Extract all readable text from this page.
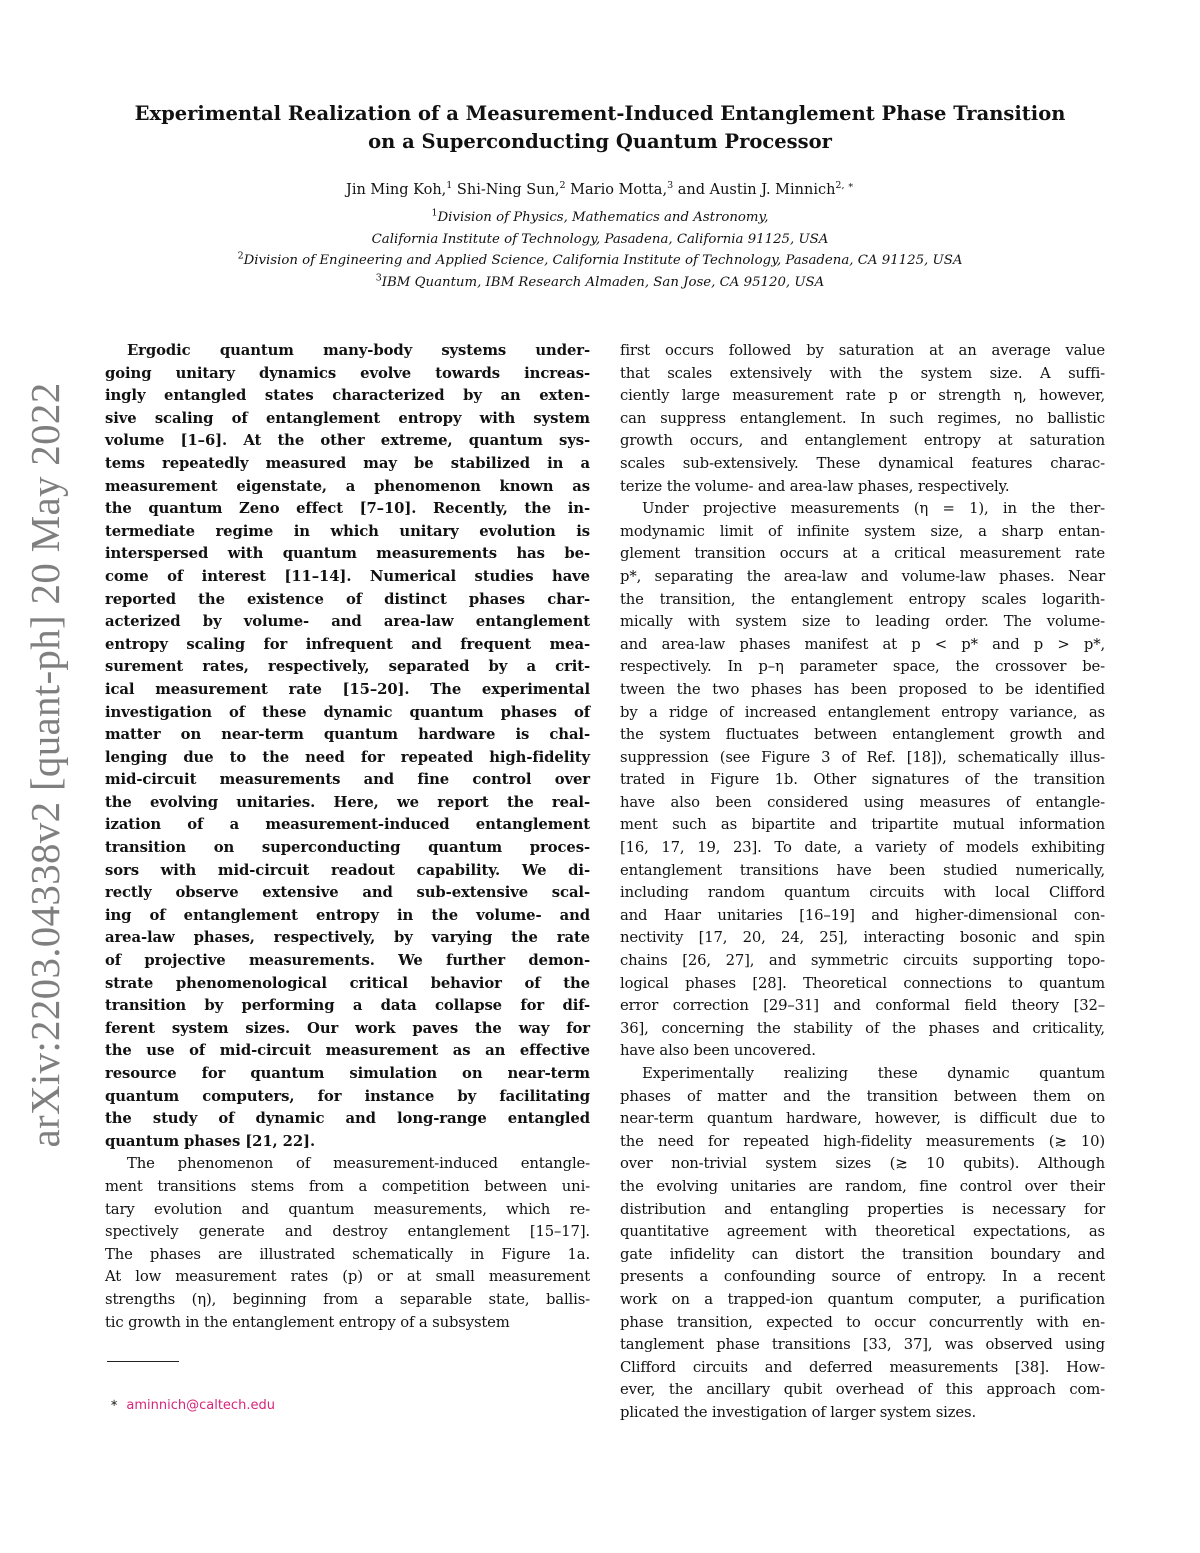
arXiv:2203.04338v2 [quant-ph] 20 May 2022
Experimental Realization of a Measurement-Induced Entanglement Phase Transition
on a Superconducting Quantum Processor
Jin Ming Koh,$^1$ Shi-Ning Sun,$^2$ Mario Motta,$^3$ and Austin J. Minnich$^{2, ∗}$
$^1$Division of Physics, Mathematics and Astronomy,
California Institute of Technology, Pasadena, California 91125, USA
$^2$Division of Engineering and Applied Science, California Institute of Technology, Pasadena, CA 91125, USA
$^3$IBM Quantum, IBM Research Almaden, San Jose, CA 95120, USA
Ergodic quantum many-body systems under-
going unitary dynamics evolve towards increas-
ingly entangled states characterized by an exten-
sive scaling of entanglement entropy with system
volume [1–6]. At the other extreme, quantum sys-
tems repeatedly measured may be stabilized in a
measurement eigenstate, a phenomenon known as
the quantum Zeno effect [7–10]. Recently, the in-
termediate regime in which unitary evolution is
interspersed with quantum measurements has be-
come of interest [11–14]. Numerical studies have
reported the existence of distinct phases char-
acterized by volume- and area-law entanglement
entropy scaling for infrequent and frequent mea-
surement rates, respectively, separated by a crit-
ical measurement rate [15–20]. The experimental
investigation of these dynamic quantum phases of
matter on near-term quantum hardware is chal-
lenging due to the need for repeated high-fidelity
mid-circuit measurements and fine control over
the evolving unitaries. Here, we report the real-
ization of a measurement-induced entanglement
transition on superconducting quantum proces-
sors with mid-circuit readout capability. We di-
rectly observe extensive and sub-extensive scal-
ing of entanglement entropy in the volume- and
area-law phases, respectively, by varying the rate
of projective measurements. We further demon-
strate phenomenological critical behavior of the
transition by performing a data collapse for dif-
ferent system sizes. Our work paves the way for
the use of mid-circuit measurement as an effective
resource for quantum simulation on near-term
quantum computers, for instance by facilitating
the study of dynamic and long-range entangled
quantum phases [21, 22].
The phenomenon of measurement-induced entangle-
ment transitions stems from a competition between uni-
tary evolution and quantum measurements, which re-
spectively generate and destroy entanglement [15–17].
The phases are illustrated schematically in Figure 1a.
At low measurement rates (p) or at small measurement
strengths (η), beginning from a separable state, ballis-
tic growth in the entanglement entropy of a subsystem
first occurs followed by saturation at an average value
that scales extensively with the system size. A suffi-
ciently large measurement rate p or strength η, however,
can suppress entanglement. In such regimes, no ballistic
growth occurs, and entanglement entropy at saturation
scales sub-extensively. These dynamical features charac-
terize the volume- and area-law phases, respectively.
Under projective measurements (η = 1), in the ther-
modynamic limit of infinite system size, a sharp entan-
glement transition occurs at a critical measurement rate
p*, separating the area-law and volume-law phases. Near
the transition, the entanglement entropy scales logarith-
mically with system size to leading order. The volume-
and area-law phases manifest at p < p* and p > p*,
respectively. In p–η parameter space, the crossover be-
tween the two phases has been proposed to be identified
by a ridge of increased entanglement entropy variance, as
the system fluctuates between entanglement growth and
suppression (see Figure 3 of Ref. [18]), schematically illus-
trated in Figure 1b. Other signatures of the transition
have also been considered using measures of entangle-
ment such as bipartite and tripartite mutual information
[16, 17, 19, 23]. To date, a variety of models exhibiting
entanglement transitions have been studied numerically,
including random quantum circuits with local Clifford
and Haar unitaries [16–19] and higher-dimensional con-
nectivity [17, 20, 24, 25], interacting bosonic and spin
chains [26, 27], and symmetric circuits supporting topo-
logical phases [28]. Theoretical connections to quantum
error correction [29–31] and conformal field theory [32–
36], concerning the stability of the phases and criticality,
have also been uncovered.
Experimentally realizing these dynamic quantum
phases of matter and the transition between them on
near-term quantum hardware, however, is difficult due to
the need for repeated high-fidelity measurements (≳ 10)
over non-trivial system sizes (≳ 10 qubits). Although
the evolving unitaries are random, fine control over their
distribution and entangling properties is necessary for
quantitative agreement with theoretical expectations, as
gate infidelity can distort the transition boundary and
presents a confounding source of entropy. In a recent
work on a trapped-ion quantum computer, a purification
phase transition, expected to occur concurrently with en-
tanglement phase transitions [33, 37], was observed using
Clifford circuits and deferred measurements [38]. How-
ever, the ancillary qubit overhead of this approach com-
plicated the investigation of larger system sizes.
∗ aminnich@caltech.edu
